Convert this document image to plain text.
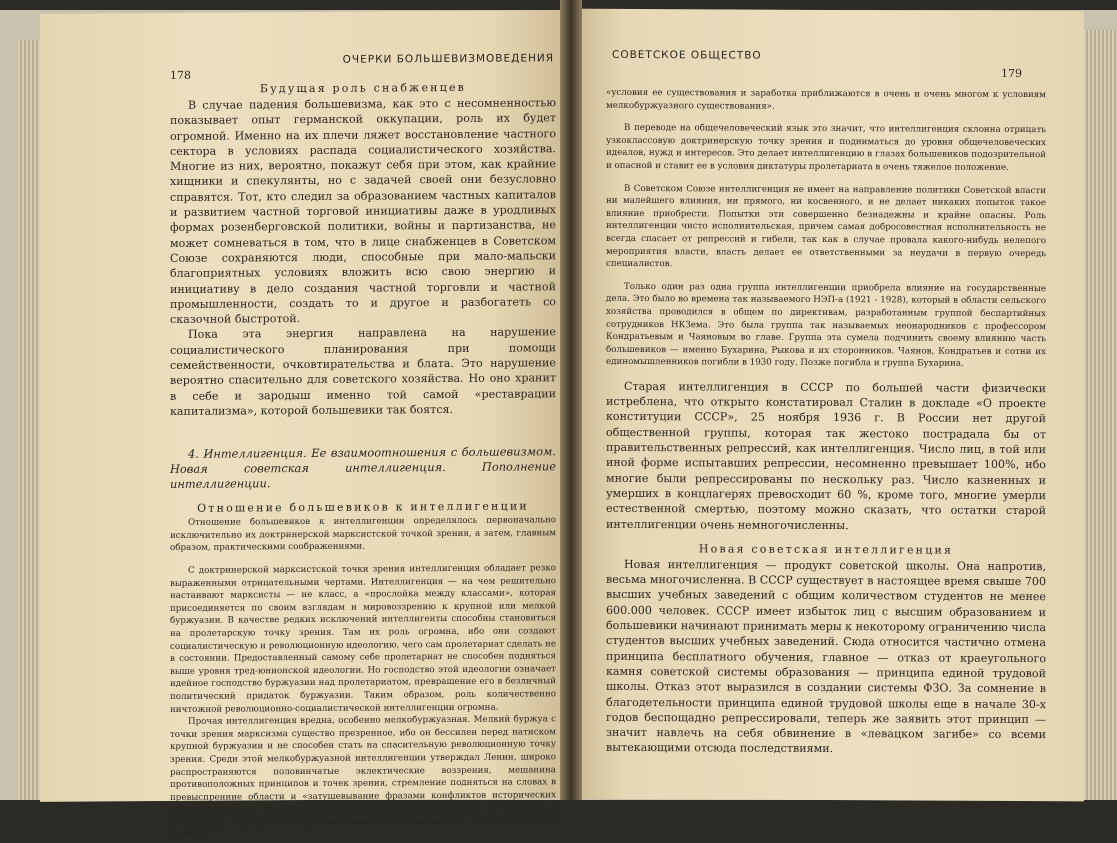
ОЧЕРКИ БОЛЬШЕВИЗМОВЕДЕНИЯ
178
Будущая роль снабженцев

В случае падения большевизма, как это с несомненностью показывает опыт германской оккупации, роль их будет огромной. Именно на их плечи ляжет восстановление частного сектора в условиях распада социалистического хозяйства. Многие из них, вероятно, покажут себя при этом, как крайние хищники и спекулянты, но с задачей своей они безусловно справятся. Тот, кто следил за образованием частных капиталов и развитием частной торговой инициативы даже в уродливых формах розенберговской политики, войны и партизанства, не может сомневаться в том, что в лице снабженцев в Советском Союзе сохраняются люди, способные при мало-мальски благоприятных условиях вложить всю свою энергию и инициативу в дело создания частной торговли и частной промышленности, создать то и другое и разбогатеть со сказочной быстротой.

Пока эта энергия направлена на нарушение социалистического планирования при помощи семейственности, очковтирательства и блата. Это нарушение вероятно спасительно для советского хозяйства. Но оно хранит в себе и зародыш именно той самой «реставрации капитализма», которой большевики так боятся.

4. Интеллигенция. Ее взаимоотношения с большевизмом. Новая советская интеллигенция. Пополнение интеллигенции.

Отношение большевиков к интеллигенции

Отношение большевиков к интеллигенции определялось первоначально исключительно их доктринерской марксистской точкой зрения, а затем, главным образом, практическими соображениями.

С доктринерской марксистской точки зрения интеллигенция обладает резко выраженными отрицательными чертами. Интеллигенция — на чем решительно настаивают марксисты — не класс, а «прослойка между классами», которая присоединяется по своим взглядам и мировоззрению к крупной или мелкой буржуазии. В качестве редких исключений интеллигенты способны становиться на пролетарскую точку зрения. Там их роль огромна, ибо они создают социалистическую и революционную идеологию, чего сам пролетариат сделать не в состоянии. Предоставленный самому себе пролетариат не способен подняться выше уровня тред-юнионской идеологии. Но господство этой идеологии означает идейное господство буржуазии над пролетариатом, превращение его в безличный политический придаток буржуазии. Таким образом, роль количественно ничтожной революционно-социалистической интеллигенции огромна.

Прочая интеллигенция вредна, особенно мелкобуржуазная. Мелкий буржуа с точки зрения марксизма существо презренное, ибо он бессилен перед натиском крупной буржуазии и не способен стать на спасительную революционную точку зрения. Среди этой мелкобуржуазной интеллигенции утверждал Ленин, широко распространяются половинчатые эклектические воззрения, мешанина противоположных принципов и точек зрения, стремление подняться на словах в превыспренние области и «затушевывание фразами конфликтов исторических групп населения». Интеллигенция будто бы индивидуалистична, не способна к дисциплине и организации, дрябла и неустойчива, потому что (подлинные слова Ленина)

СОВЕТСКОЕ ОБЩЕСТВО
179

«условия ее существования и заработка приближаются в очень и очень многом к условиям мелкобуржуазного существования».

В переводе на общечеловеческий язык это значит, что интеллигенция склонна отрицать узкоклассовую доктринерскую точку зрения и подниматься до уровня общечеловеческих идеалов, нужд и интересов. Это делает интеллигенцию в глазах большевиков подозрительной и опасной и ставит ее в условия диктатуры пролетариата в очень тяжелое положение.

В Советском Союзе интеллигенция не имеет на направление политики Советской власти ни малейшего влияния, ни прямого, ни косвенного, и не делает никаких попыток такое влияние приобрести. Попытки эти совершенно безнадежны и крайне опасны. Роль интеллигенции чисто исполнительская, причем самая добросовестная исполнительность не всегда спасает от репрессий и гибели, так как в случае провала какого-нибудь нелепого мероприятия власти, власть делает ее ответственными за неудачи в первую очередь специалистов.

Только один раз одна группа интеллигенции приобрела влияние на государственные дела. Это было во времена так называемого НЭП-а (1921 - 1928), который в области сельского хозяйства проводился в общем по директивам, разработанным группой беспартийных сотрудников НКЗема. Это была группа так называемых неонародников с профессором Кондратьевым и Чаяновым во главе. Группа эта сумела подчинить своему влиянию часть большевиков — именно Бухарина, Рыкова и их сторонников. Чаянов, Кондратьев и сотни их единомышленников погибли в 1930 году. Позже погибла и группа Бухарина.

Старая интеллигенция в СССР по большей части физически истреблена, что открыто констатировал Сталин в докладе «О проекте конституции СССР», 25 ноября 1936 г. В России нет другой общественной группы, которая так жестоко пострадала бы от правительственных репрессий, как интеллигенция. Число лиц, в той или иной форме испытавших репрессии, несомненно превышает 100%, ибо многие были репрессированы по нескольку раз. Число казненных и умерших в концлагерях превосходит 60 %, кроме того, многие умерли естественной смертью, поэтому можно сказать, что остатки старой интеллигенции очень немногочисленны.

Новая советская интеллигенция

Новая интеллигенция — продукт советской школы. Она напротив, весьма многочисленна. В СССР существует в настоящее время свыше 700 высших учебных заведений с общим количеством студентов не менее 600.000 человек. СССР имеет избыток лиц с высшим образованием и большевики начинают принимать меры к некоторому ограничению числа студентов высших учебных заведений. Сюда относится частично отмена принципа бесплатного обучения, главное — отказ от краеугольного камня советской системы образования — принципа единой трудовой школы. Отказ этот выразился в создании системы ФЗО. За сомнение в благодетельности принципа единой трудовой школы еще в начале 30-х годов беспощадно репрессировали, теперь же заявить этот принцип — значит навлечь на себя обвинение в «левацком загибе» со всеми вытекающими отсюда последствиями.
